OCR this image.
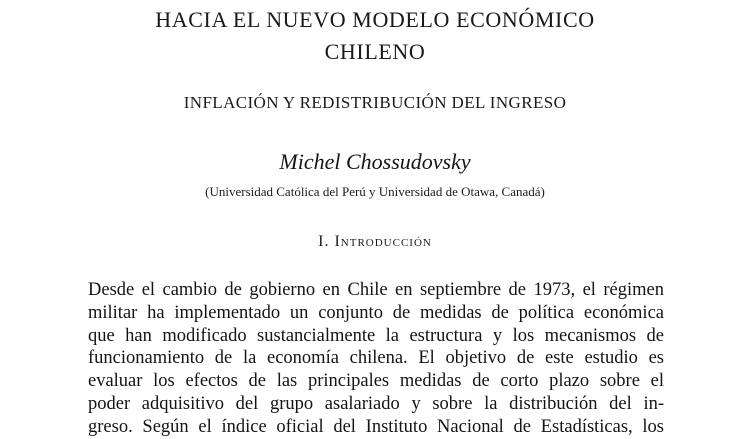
HACIA EL NUEVO MODELO ECONÓMICO
CHILENO
INFLACIÓN Y REDISTRIBUCIÓN DEL INGRESO
Michel Chossudovsky
(Universidad Católica del Perú y Universidad de Otawa, Canadá)
I. Introducción
Desde el cambio de gobierno en Chile en septiembre de 1973, el régimen
militar ha implementado un conjunto de medidas de política económica
que han modificado sustancialmente la estructura y los mecanismos de
funcionamiento de la economía chilena. El objetivo de este estudio es
evaluar los efectos de las principales medidas de corto plazo sobre el
poder adquisitivo del grupo asalariado y sobre la distribución del in-
greso. Según el índice oficial del Instituto Nacional de Estadísticas, los
